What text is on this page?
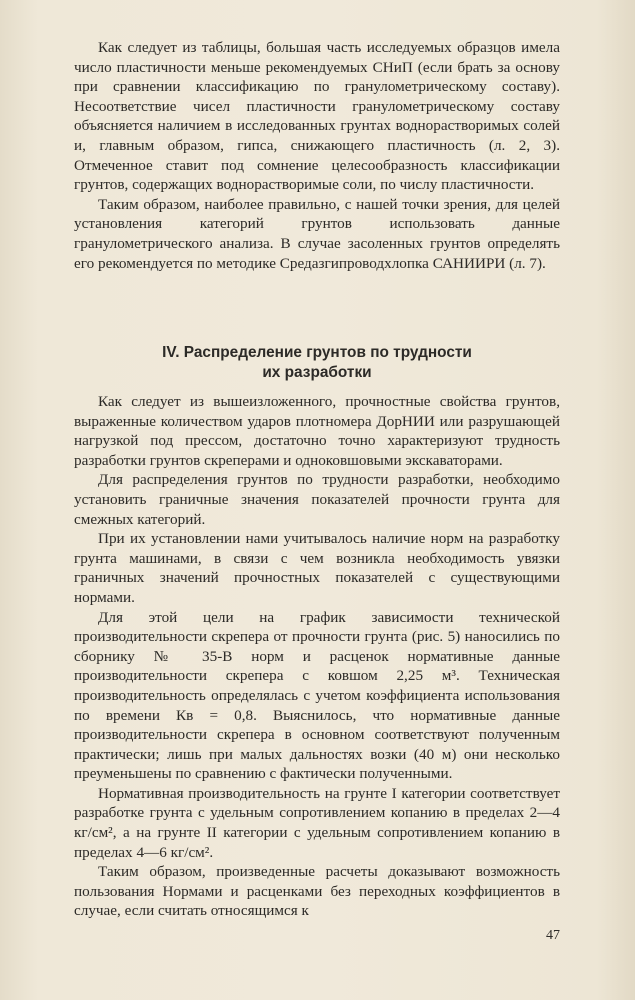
Как следует из таблицы, большая часть исследуемых образцов имела число пластичности меньше рекомендуемых СНиП (если брать за основу при сравнении классификацию по гранулометрическому составу). Несоответствие чисел пластичности гранулометрическому составу объясняется наличием в исследованных грунтах воднорастворимых солей и, главным образом, гипса, снижающего пластичность (л. 2, 3). Отмеченное ставит под сомнение целесообразность классификации грунтов, содержащих воднорастворимые соли, по числу пластичности.

Таким образом, наиболее правильно, с нашей точки зрения, для целей установления категорий грунтов использовать данные гранулометрического анализа. В случае засоленных грунтов определять его рекомендуется по методике Средазгипроводхлопка САНИИРИ (л. 7).

IV. Распределение грунтов по трудности
их разработки

Как следует из вышеизложенного, прочностные свойства грунтов, выраженные количеством ударов плотномера ДорНИИ или разрушающей нагрузкой под прессом, достаточно точно характеризуют трудность разработки грунтов скреперами и одноковшовыми экскаваторами.

Для распределения грунтов по трудности разработки, необходимо установить граничные значения показателей прочности грунта для смежных категорий.

При их установлении нами учитывалось наличие норм на разработку грунта машинами, в связи с чем возникла необходимость увязки граничных значений прочностных показателей с существующими нормами.

Для этой цели на график зависимости технической производительности скрепера от прочности грунта (рис. 5) наносились по сборнику № 35-В норм и расценок нормативные данные производительности скрепера с ковшом 2,25 м³. Техническая производительность определялась с учетом коэффициента использования по времени Кв = 0,8. Выяснилось, что нормативные данные производительности скрепера в основном соответствуют полученным практически; лишь при малых дальностях возки (40 м) они несколько преуменьшены по сравнению с фактически полученными.

Нормативная производительность на грунте I категории соответствует разработке грунта с удельным сопротивлением копанию в пределах 2—4 кг/см², а на грунте II категории с удельным сопротивлением копанию в пределах 4—6 кг/см².

Таким образом, произведенные расчеты доказывают возможность пользования Нормами и расценками без переходных коэффициентов в случае, если считать относящимся к

47
